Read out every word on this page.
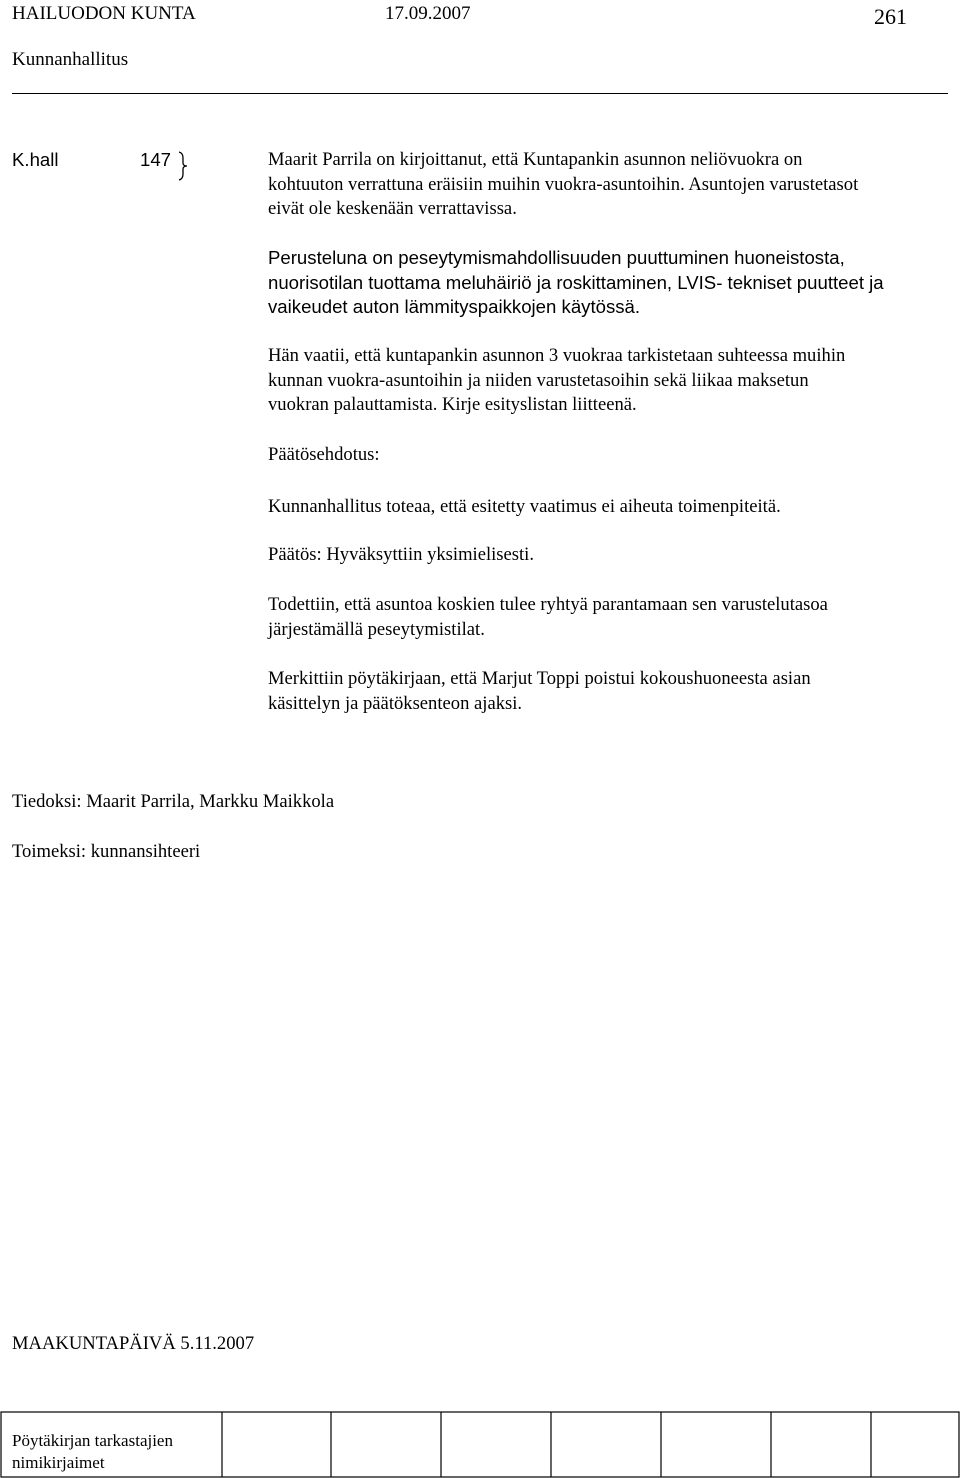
HAILUODON KUNTA	17.09.2007	261
Kunnanhallitus
K.hall	147	Maarit Parrila on kirjoittanut, että Kuntapankin asunnon neliövuokra on
kohtuuton verrattuna eräisiin muihin vuokra-asuntoihin. Asuntojen varustetasot
eivät ole keskenään verrattavissa.
Perusteluna on peseytymismahdollisuuden puuttuminen huoneistosta,
nuorisotilan tuottama meluhäiriö ja roskittaminen, LVIS- tekniset puutteet ja
vaikeudet auton lämmityspaikkojen käytössä.
Hän vaatii, että kuntapankin asunnon 3 vuokraa tarkistetaan suhteessa muihin
kunnan vuokra-asuntoihin ja niiden varustetasoihin sekä liikaa maksetun
vuokran palauttamista. Kirje esityslistan liitteenä.
Päätösehdotus:
Kunnanhallitus toteaa, että esitetty vaatimus ei aiheuta toimenpiteitä.
Päätös: Hyväksyttiin yksimielisesti.
Todettiin, että asuntoa koskien tulee ryhtyä parantamaan sen varustelutasoa
järjestämällä peseytymistilat.
Merkittiin pöytäkirjaan, että Marjut Toppi poistui kokoushuoneesta asian
käsittelyn ja päätöksenteon ajaksi.
Tiedoksi: Maarit Parrila, Markku Maikkola
Toimeksi: kunnansihteeri
MAAKUNTAPÄIVÄ 5.11.2007
Pöytäkirjan tarkastajien
nimikirjaimet
